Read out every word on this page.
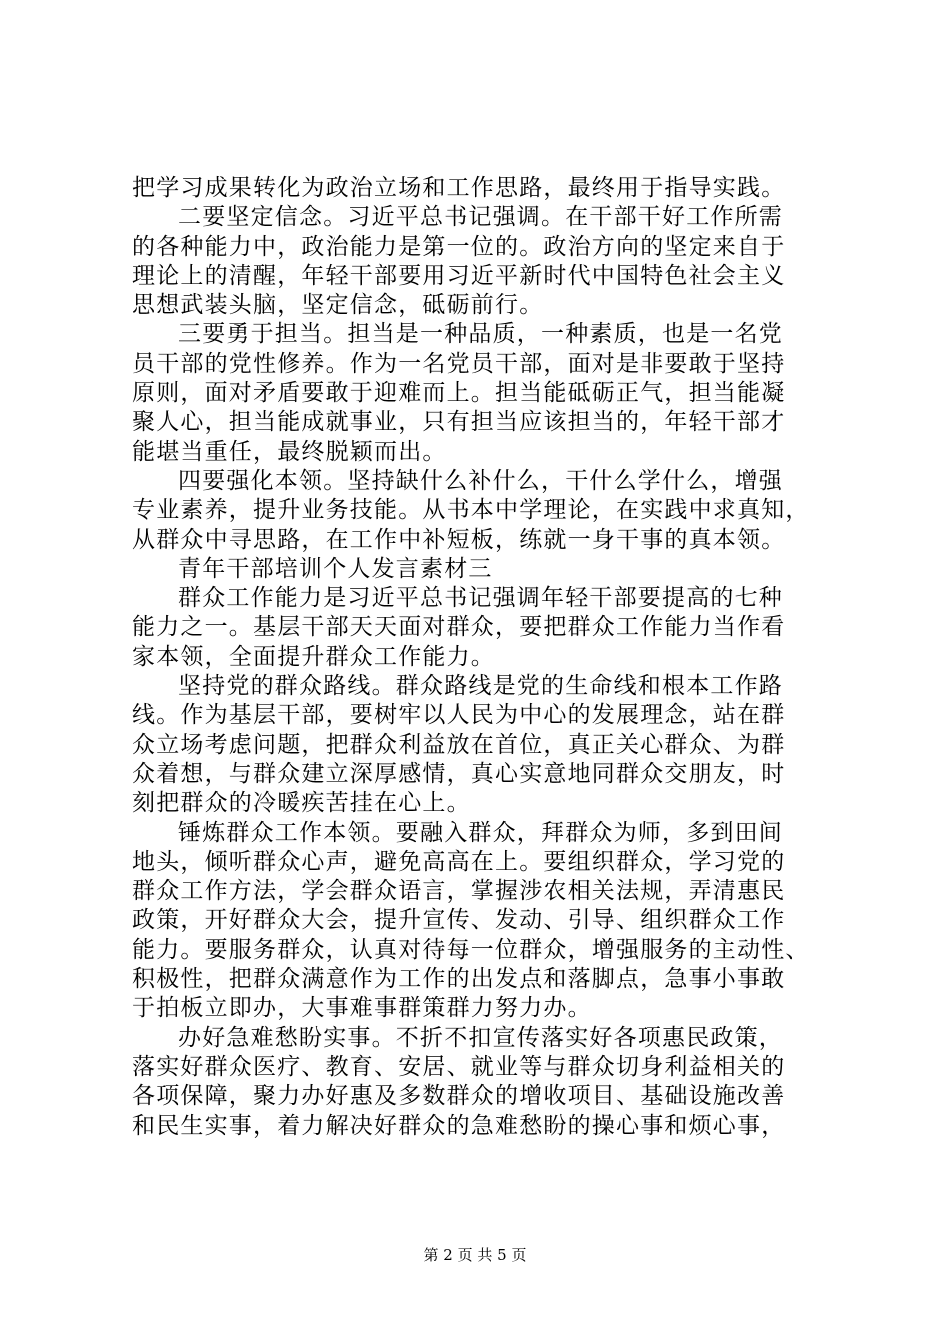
把学习成果转化为政治立场和工作思路，最终用于指导实践。
二要坚定信念。习近平总书记强调。在干部干好工作所需
的各种能力中，政治能力是第一位的。政治方向的坚定来自于
理论上的清醒，年轻干部要用习近平新时代中国特色社会主义
思想武装头脑，坚定信念，砥砺前行。
三要勇于担当。担当是一种品质，一种素质，也是一名党
员干部的党性修养。作为一名党员干部，面对是非要敢于坚持
原则，面对矛盾要敢于迎难而上。担当能砥砺正气，担当能凝
聚人心，担当能成就事业，只有担当应该担当的，年轻干部才
能堪当重任，最终脱颖而出。
四要强化本领。坚持缺什么补什么，干什么学什么，增强
专业素养，提升业务技能。从书本中学理论，在实践中求真知，
从群众中寻思路，在工作中补短板，练就一身干事的真本领。
青年干部培训个人发言素材三
群众工作能力是习近平总书记强调年轻干部要提高的七种
能力之一。基层干部天天面对群众，要把群众工作能力当作看
家本领，全面提升群众工作能力。
坚持党的群众路线。群众路线是党的生命线和根本工作路
线。作为基层干部，要树牢以人民为中心的发展理念，站在群
众立场考虑问题，把群众利益放在首位，真正关心群众、为群
众着想，与群众建立深厚感情，真心实意地同群众交朋友，时
刻把群众的冷暖疾苦挂在心上。
锤炼群众工作本领。要融入群众，拜群众为师，多到田间
地头，倾听群众心声，避免高高在上。要组织群众，学习党的
群众工作方法，学会群众语言，掌握涉农相关法规，弄清惠民
政策，开好群众大会，提升宣传、发动、引导、组织群众工作
能力。要服务群众，认真对待每一位群众，增强服务的主动性、
积极性，把群众满意作为工作的出发点和落脚点，急事小事敢
于拍板立即办，大事难事群策群力努力办。
办好急难愁盼实事。不折不扣宣传落实好各项惠民政策，
落实好群众医疗、教育、安居、就业等与群众切身利益相关的
各项保障，聚力办好惠及多数群众的增收项目、基础设施改善
和民生实事，着力解决好群众的急难愁盼的操心事和烦心事，
第 2 页 共 5 页
